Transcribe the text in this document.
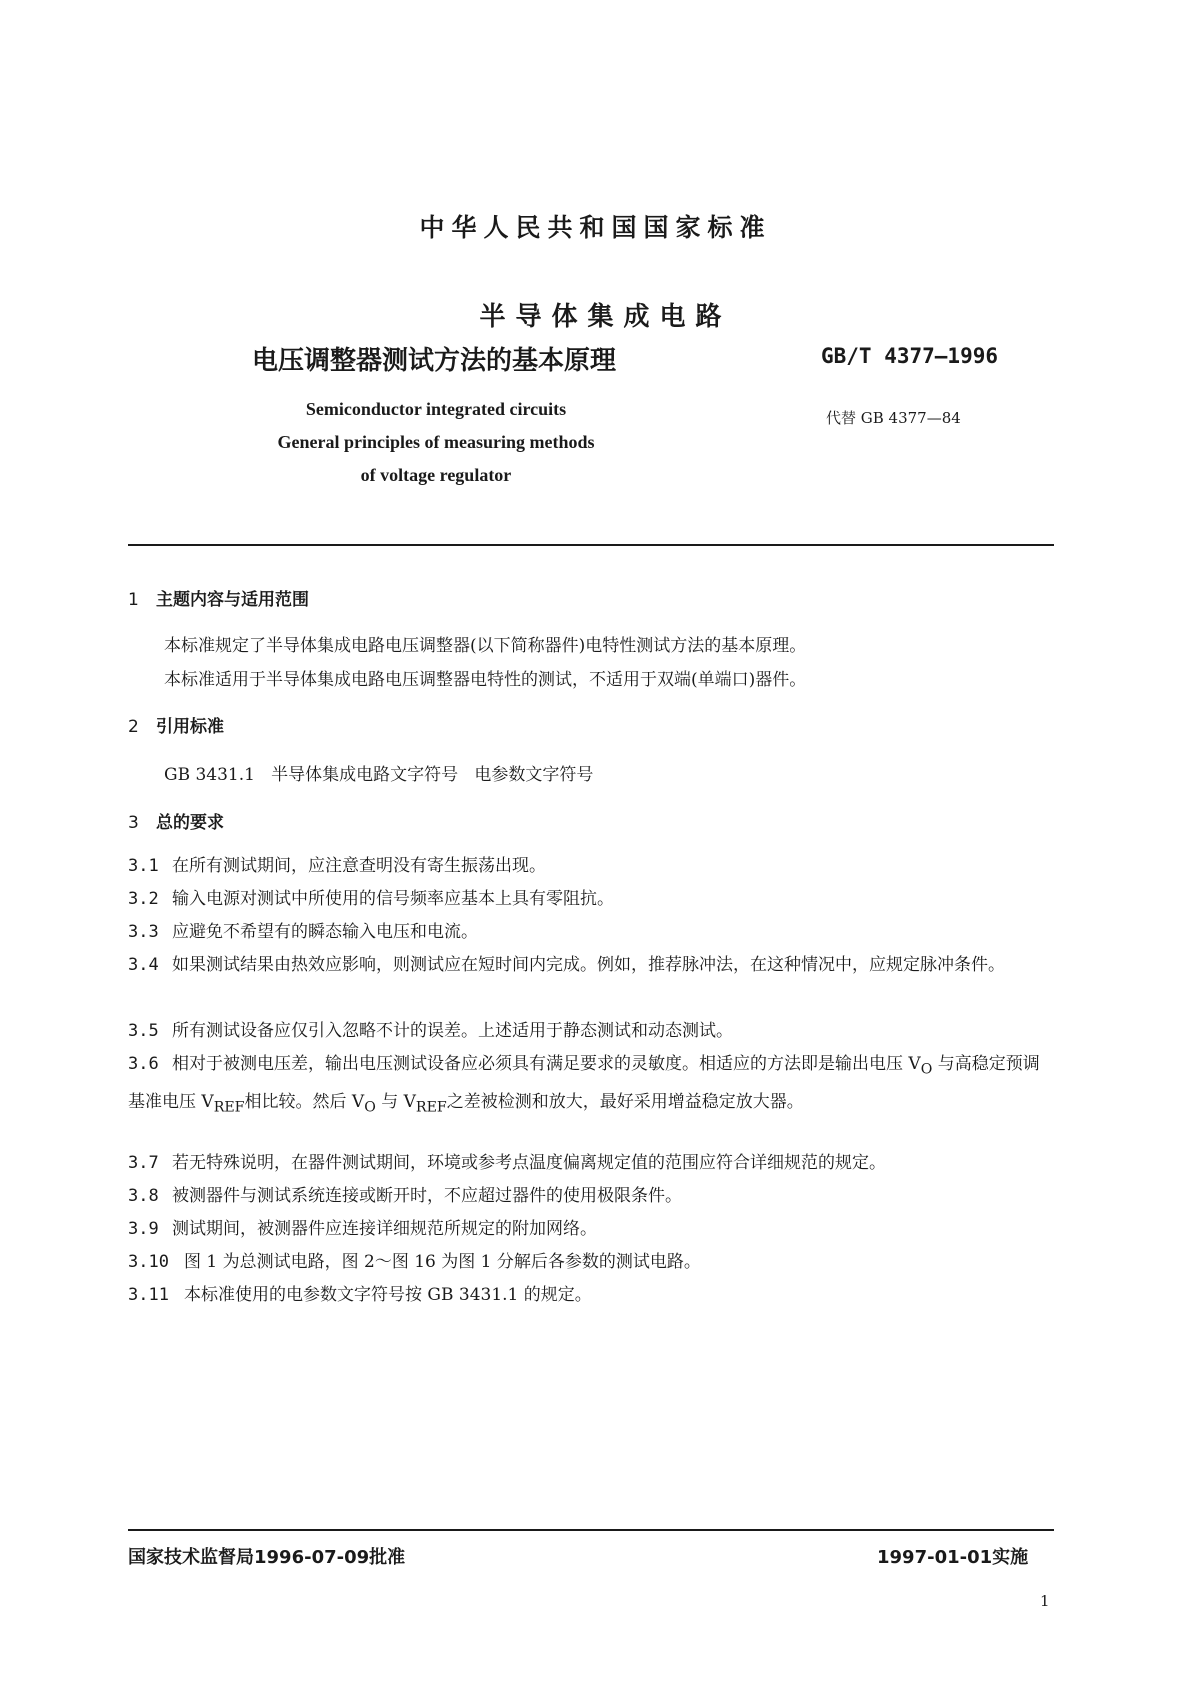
中华人民共和国国家标准
半导体集成电路
电压调整器测试方法的基本原理	GB/T 4377—1996
代替 GB 4377—84
Semiconductor integrated circuits
General principles of measuring methods
of voltage regulator
1 主题内容与适用范围
本标准规定了半导体集成电路电压调整器(以下简称器件)电特性测试方法的基本原理。
本标准适用于半导体集成电路电压调整器电特性的测试，不适用于双端(单端口)器件。
2 引用标准
GB 3431.1   半导体集成电路文字符号   电参数文字符号
3 总的要求
3.1 在所有测试期间，应注意查明没有寄生振荡出现。
3.2 输入电源对测试中所使用的信号频率应基本上具有零阻抗。
3.3 应避免不希望有的瞬态输入电压和电流。
3.4 如果测试结果由热效应影响，则测试应在短时间内完成。例如，推荐脉冲法，在这种情况中，应规定脉冲条件。
3.5 所有测试设备应仅引入忽略不计的误差。上述适用于静态测试和动态测试。
3.6 相对于被测电压差，输出电压测试设备应必须具有满足要求的灵敏度。相适应的方法即是输出电压 $V_O$ 与高稳定预调基准电压 $V_{REF}$相比较。然后 $V_O$ 与 $V_{REF}$之差被检测和放大，最好采用增益稳定放大器。
3.7 若无特殊说明，在器件测试期间，环境或参考点温度偏离规定值的范围应符合详细规范的规定。
3.8 被测器件与测试系统连接或断开时，不应超过器件的使用极限条件。
3.9 测试期间，被测器件应连接详细规范所规定的附加网络。
3.10 图 1 为总测试电路，图 2～图 16 为图 1 分解后各参数的测试电路。
3.11 本标准使用的电参数文字符号按 GB 3431.1 的规定。
国家技术监督局1996-07-09批准	1997-01-01实施
1
